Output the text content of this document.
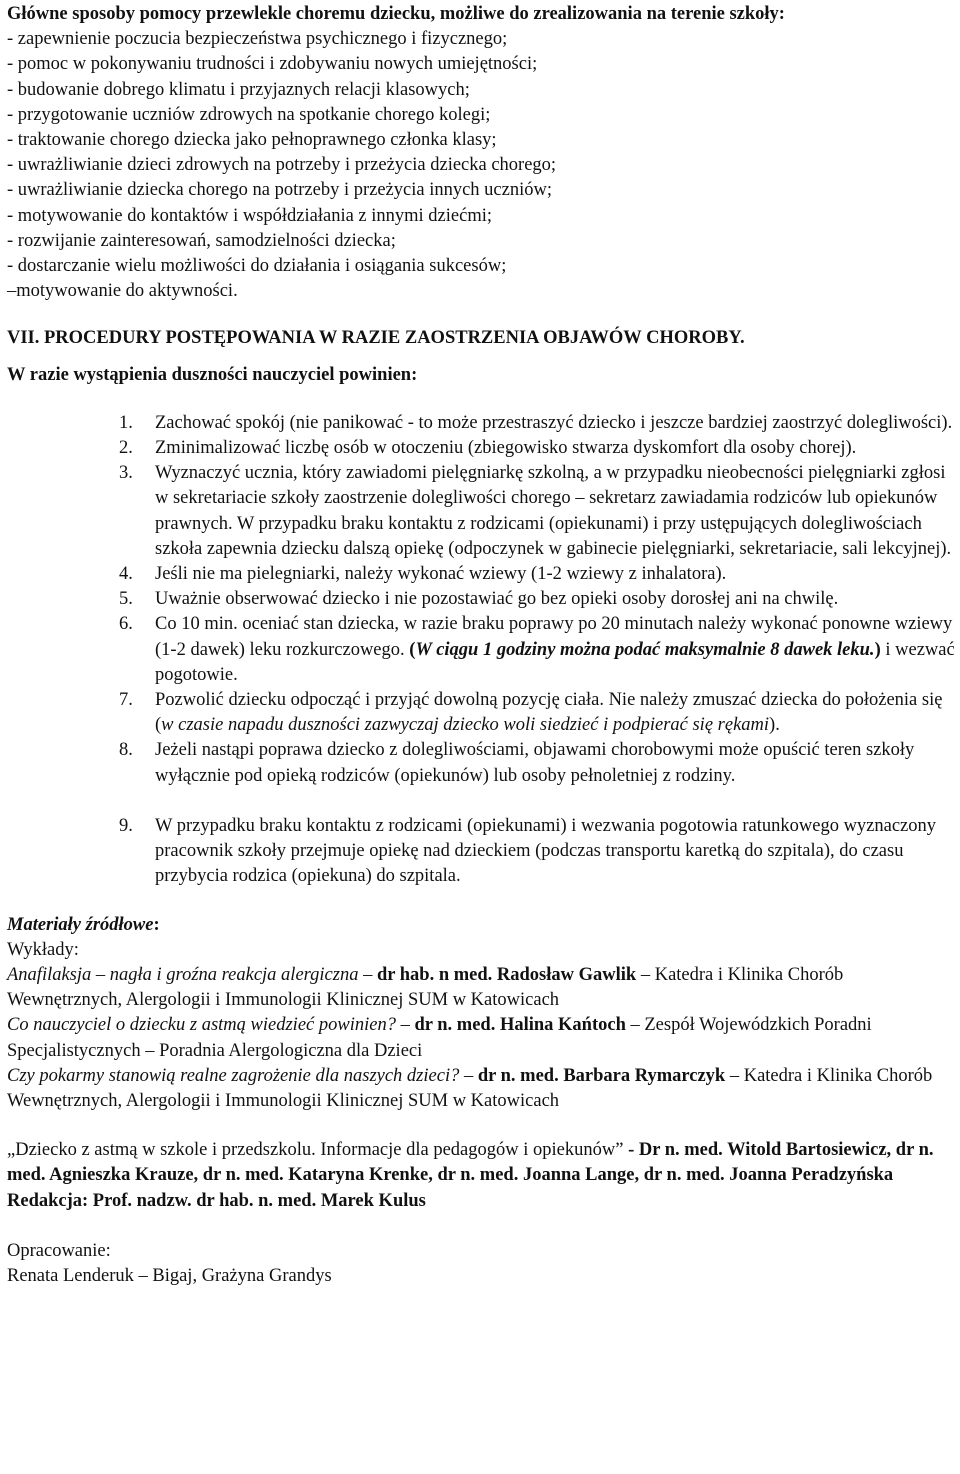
Główne sposoby pomocy przewlekle choremu dziecku, możliwe do zrealizowania na terenie szkoły:

- zapewnienie poczucia bezpieczeństwa psychicznego i fizycznego;

- pomoc w pokonywaniu trudności i zdobywaniu nowych umiejętności;

- budowanie dobrego klimatu i przyjaznych relacji klasowych;

- przygotowanie uczniów zdrowych na spotkanie chorego kolegi;

- traktowanie chorego dziecka jako pełnoprawnego członka klasy;

- uwrażliwianie dzieci zdrowych na potrzeby i przeżycia dziecka chorego;

- uwrażliwianie dziecka chorego na potrzeby i przeżycia innych uczniów;

- motywowanie do kontaktów i współdziałania z innymi dziećmi;

- rozwijanie zainteresowań, samodzielności dziecka;

- dostarczanie wielu możliwości do działania i osiągania sukcesów;

–motywowanie do aktywności.

VII. PROCEDURY POSTĘPOWANIA W RAZIE ZAOSTRZENIA OBJAWÓW CHOROBY.

W razie wystąpienia duszności nauczyciel powinien:

1. Zachować spokój (nie panikować - to może przestraszyć dziecko i jeszcze bardziej zaostrzyć dolegliwości).
2. Zminimalizować liczbę osób w otoczeniu (zbiegowisko stwarza dyskomfort dla osoby chorej).
3. Wyznaczyć ucznia, który zawiadomi pielęgniarkę szkolną, a w przypadku nieobecności pielęgniarki zgłosi w sekretariacie szkoły zaostrzenie dolegliwości chorego – sekretarz zawiadamia rodziców lub opiekunów prawnych. W przypadku braku kontaktu z rodzicami (opiekunami) i przy ustępujących dolegliwościach szkoła zapewnia dziecku dalszą opiekę (odpoczynek w gabinecie pielęgniarki, sekretariacie, sali lekcyjnej).
4. Jeśli nie ma pielegniarki, należy wykonać wziewy (1-2 wziewy z inhalatora).
5. Uważnie obserwować dziecko i nie pozostawiać go bez opieki osoby dorosłej ani na chwilę.
6. Co 10 min. oceniać stan dziecka, w razie braku poprawy po 20 minutach należy wykonać ponowne wziewy (1-2 dawek) leku rozkurczowego. (W ciągu 1 godziny można podać maksymalnie 8 dawek leku.) i wezwać pogotowie.
7. Pozwolić dziecku odpocząć i przyjąć dowolną pozycję ciała. Nie należy zmuszać dziecka do położenia się (w czasie napadu duszności zazwyczaj dziecko woli siedzieć i podpierać się rękami).
8. Jeżeli nastąpi poprawa dziecko z dolegliwościami, objawami chorobowymi może opuścić teren szkoły wyłącznie pod opieką rodziców (opiekunów) lub osoby pełnoletniej z rodziny.
9. W przypadku braku kontaktu z rodzicami (opiekunami) i wezwania pogotowia ratunkowego wyznaczony pracownik szkoły przejmuje opiekę nad dzieckiem (podczas transportu karetką do szpitala), do czasu przybycia rodzica (opiekuna) do szpitala.

Materiały źródłowe:

Wykłady:

Anafilaksja – nagła i groźna reakcja alergiczna – dr hab. n med. Radosław Gawlik – Katedra i Klinika Chorób Wewnętrznych, Alergologii i Immunologii Klinicznej SUM w Katowicach

Co nauczyciel o dziecku z astmą wiedzieć powinien? – dr n. med. Halina Kańtoch – Zespół Wojewódzkich Poradni Specjalistycznych – Poradnia Alergologiczna dla Dzieci

Czy pokarmy stanowią realne zagrożenie dla naszych dzieci? – dr n. med. Barbara Rymarczyk – Katedra i Klinika Chorób Wewnętrznych, Alergologii i Immunologii Klinicznej SUM w Katowicach

„Dziecko z astmą w szkole i przedszkolu. Informacje dla pedagogów i opiekunów” - Dr n. med. Witold Bartosiewicz, dr n. med. Agnieszka Krauze, dr n. med. Kataryna Krenke, dr n. med. Joanna Lange, dr n. med. Joanna Peradzyńska Redakcja: Prof. nadzw. dr hab. n. med. Marek Kulus

Opracowanie:

Renata Lenderuk – Bigaj, Grażyna Grandys
